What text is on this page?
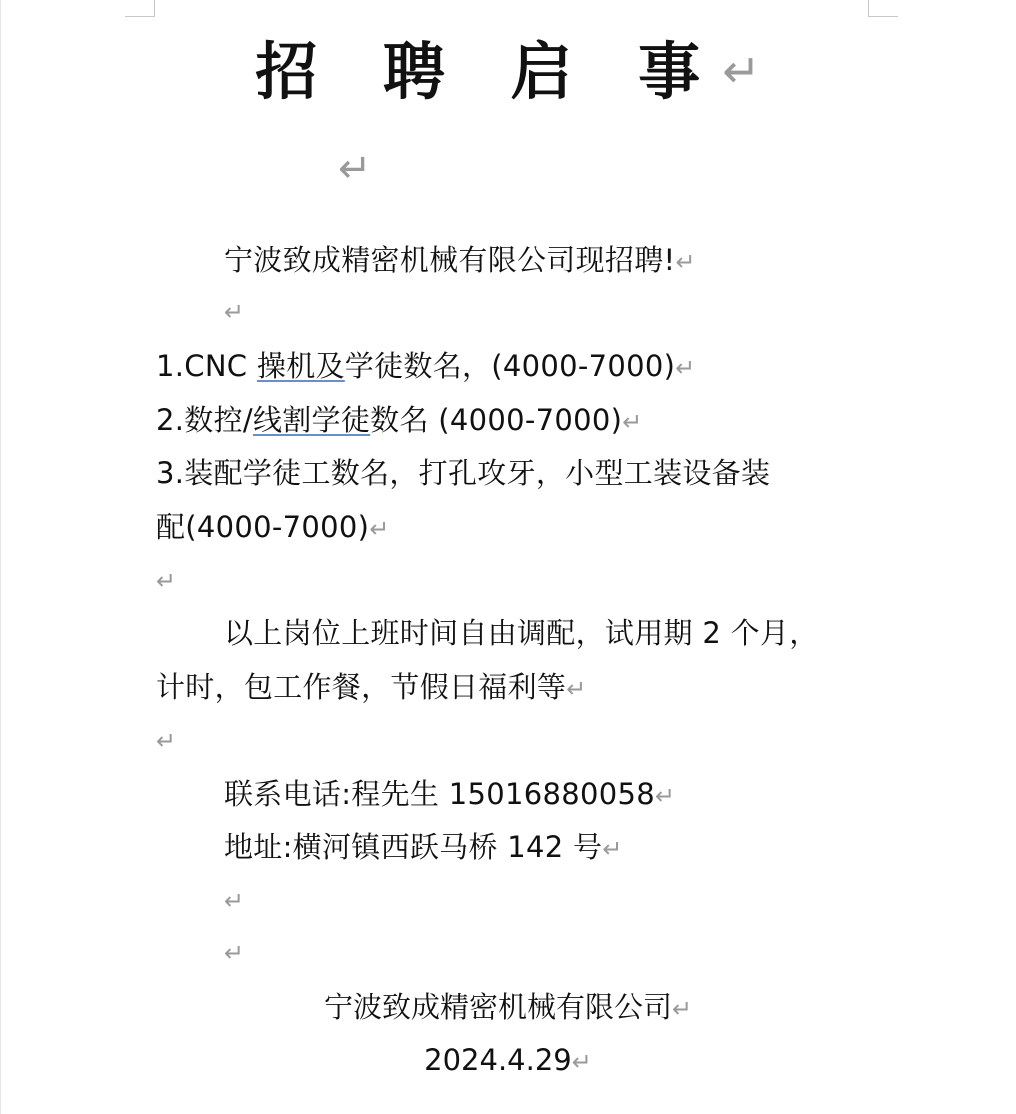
招 聘 启 事↵
↵
宁波致成精密机械有限公司现招聘!↵
↵
1.CNC 操机及学徒数名，(4000-7000)↵
2.数控/线割学徒数名 (4000-7000)↵
3.装配学徒工数名，打孔攻牙，小型工装设备装
配(4000-7000)↵
↵
以上岗位上班时间自由调配，试用期 2 个月，
计时，包工作餐，节假日福利等↵
↵
联系电话:程先生 15016880058↵
地址:横河镇西跃马桥 142 号↵
↵
↵
宁波致成精密机械有限公司↵
2024.4.29↵
